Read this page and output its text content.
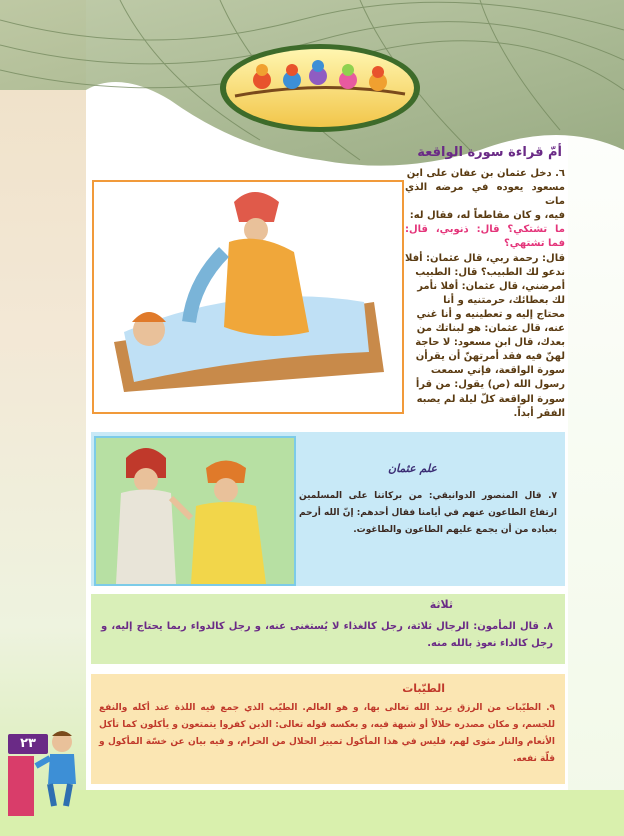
أمّ قراءة سورة الواقعة
٦. دخل عثمان بن عفان على ابن
مسعود يعوده في مرضه الذي مات
فيه، و كان مقاطعاً له، فقال له:
ما تشتكي؟ قال: ذنوبي، قال: فما تشتهي؟
قال: رحمة ربي، قال عثمان: أفلا
ندعو لك الطبيب؟ قال: الطبيب
أمرضني، قال عثمان: أفلا نأمر
لك بعطائك، حرمتنيه و أنا
محتاج إليه و تعطينيه و أنا غني
عنه، قال عثمان: هو لبناتك من
بعدك، قال ابن مسعود: لا حاجة
لهنّ فيه فقد أمرتهنّ أن يقرأن
سورة الواقعة، فإني سمعت
رسول الله (ص) يقول: من قرأ
سورة الواقعة كلّ ليلة لم يصبه
الفقر أبداً.
علم عثمان
٧. قال المنصور الدوانيقي: من بركاتنا على المسلمين ارتفاع الطاعون عنهم في أيامنا فقال أحدهم: إنّ الله أرحم بعباده من أن يجمع عليهم الطاعون والطاغوت.
ثلاثة
٨. قال المأمون: الرجال ثلاثة، رجل كالغذاء لا يُستغنى عنه، و رجل كالدواء ربما يحتاج إليه، و رجل كالداء نعوذ بالله منه.
الطيّبات
٩. الطيّبات من الرزق يريد الله تعالى بها، و هو العالم. الطيّب الذي جمع فيه اللذة عند أكله والنفع للجسم، و مكان مصدره حلالاً أو شبهة فيه، و بعكسه قوله تعالى: الذين كفروا يتمتعون و يأكلون كما تأكل الأنعام والنار مثوى لهم، فليس في هذا المأكول تمييز الحلال من الحرام، و فيه بيان عن خسّة المأكول و قلّة نفعه.
٢٣
